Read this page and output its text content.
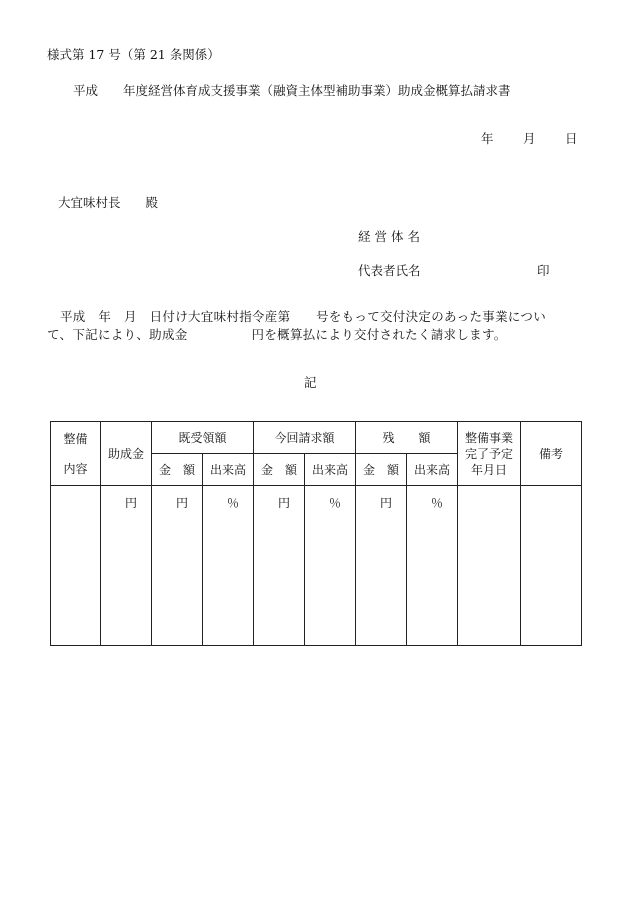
様式第 17 号（第 21 条関係）
平成　　年度経営体育成支援事業（融資主体型補助事業）助成金概算払請求書
年 月 日
大宜味村長　　殿
経営体名
代表者氏名	印
平成　年　月　日付け大宜味村指令産第　　号をもって交付決定のあった事業につい
て、下記により、助成金　　　　　円を概算払により交付されたく請求します。
記
整備
内容	助成金	既受領額		今回請求額		残　　額		整備事業
完了予定
年月日	備考
		金　額	出来高	金　額	出来高	金　額	出来高		
	円	円	％	円	％	円	％		
